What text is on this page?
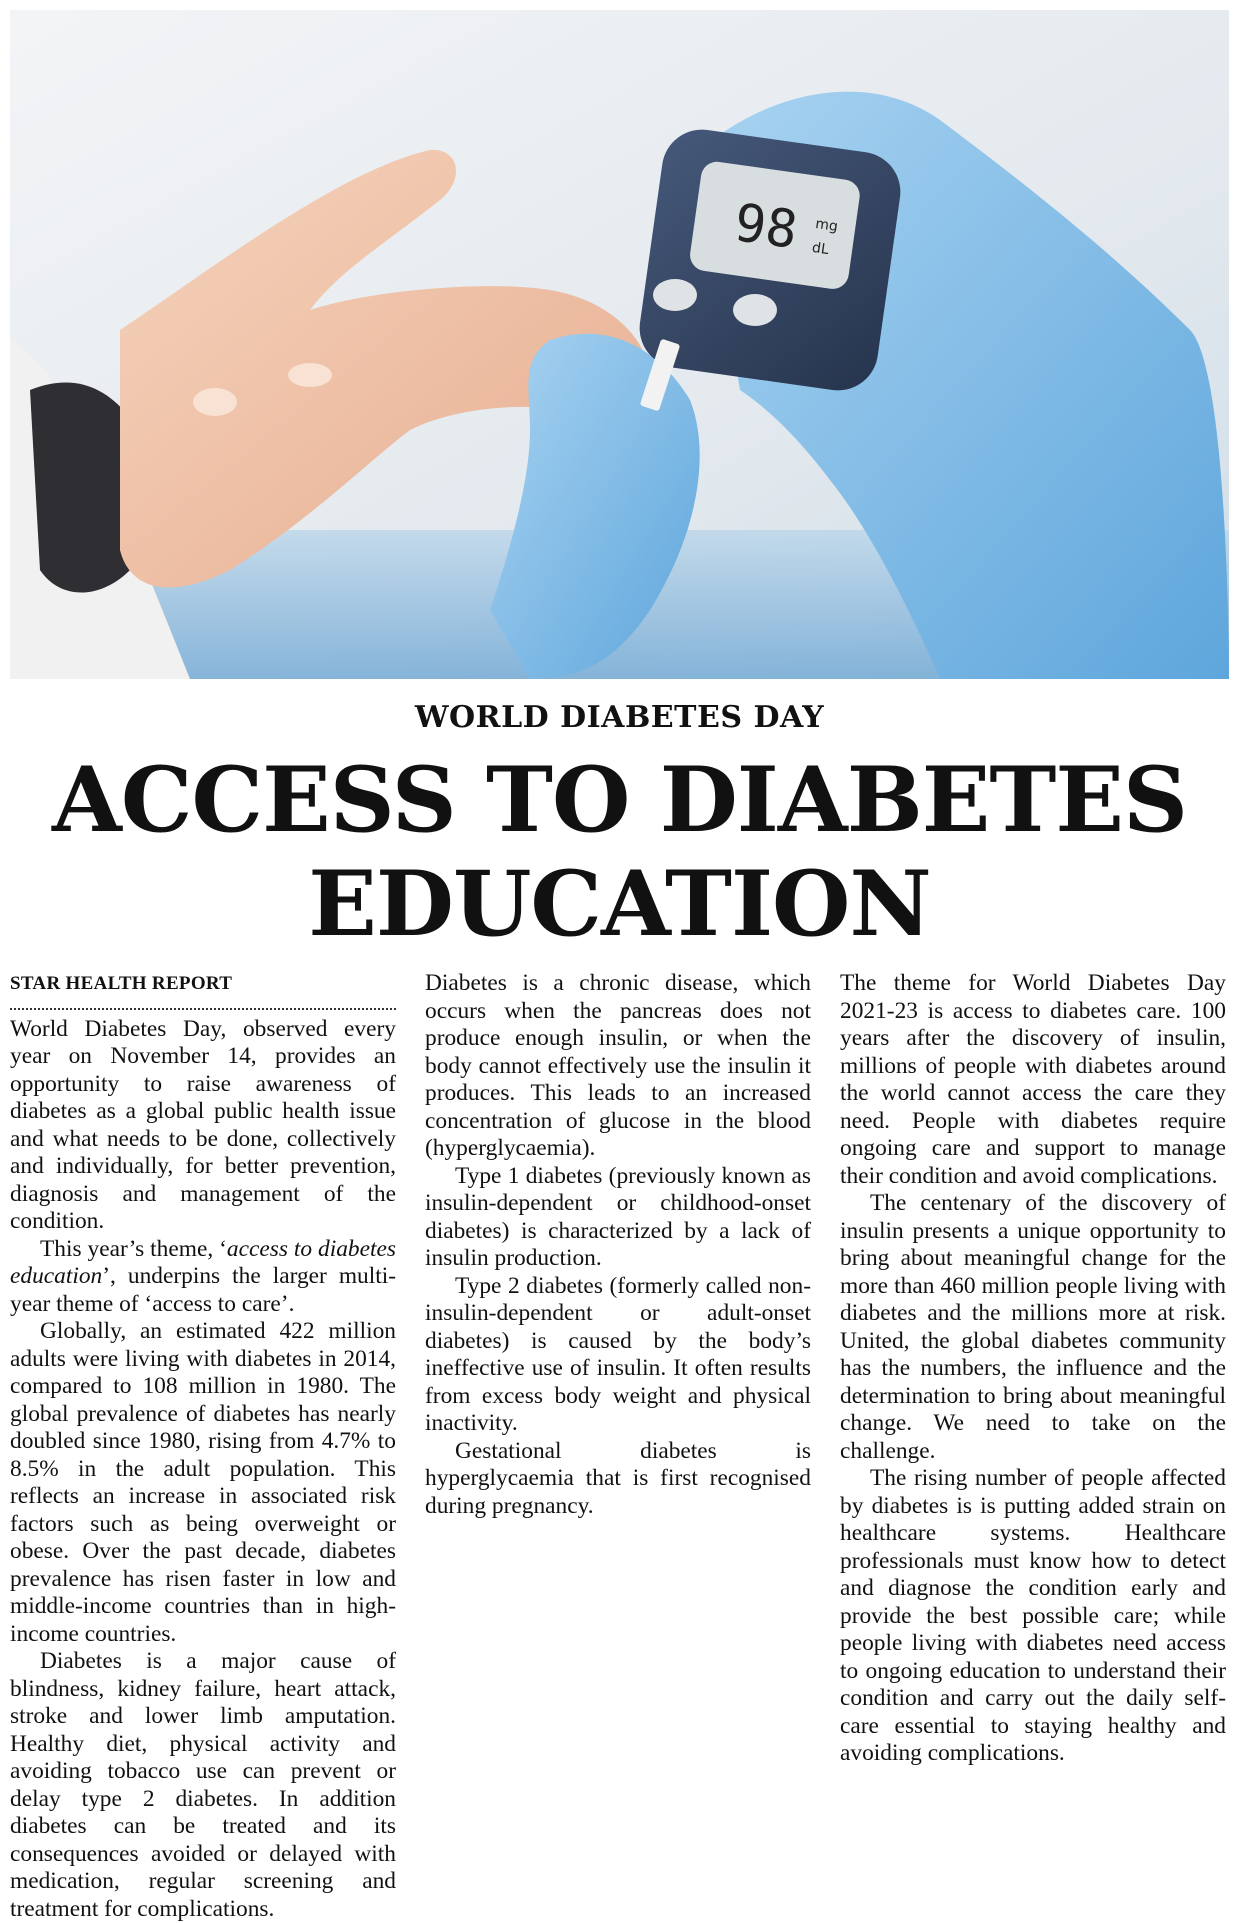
98 mg
dL
WORLD DIABETES DAY
ACCESS TO DIABETES
EDUCATION
STAR HEALTH REPORT

World Diabetes Day, observed every year on November 14, provides an opportunity to raise awareness of diabetes as a global public health issue and what needs to be done, collectively and individually, for better prevention, diagnosis and management of the condition.

This year’s theme, ‘access to diabetes education’, underpins the larger multi-year theme of ‘access to care’.

Globally, an estimated 422 million adults were living with diabetes in 2014, compared to 108 million in 1980. The global prevalence of diabetes has nearly doubled since 1980, rising from 4.7% to 8.5% in the adult population. This reflects an increase in associated risk factors such as being overweight or obese. Over the past decade, diabetes prevalence has risen faster in low and middle-income countries than in high-income countries.

Diabetes is a major cause of blindness, kidney failure, heart attack, stroke and lower limb amputation. Healthy diet, physical activity and avoiding tobacco use can prevent or delay type 2 diabetes. In addition diabetes can be treated and its consequences avoided or delayed with medication, regular screening and treatment for complications.

Diabetes is a chronic disease, which occurs when the pancreas does not produce enough insulin, or when the body cannot effectively use the insulin it produces. This leads to an increased concentration of glucose in the blood (hyperglycaemia).

Type 1 diabetes (previously known as insulin-dependent or childhood-onset diabetes) is characterized by a lack of insulin production.

Type 2 diabetes (formerly called non-insulin-dependent or adult-onset diabetes) is caused by the body’s ineffective use of insulin. It often results from excess body weight and physical inactivity.

Gestational diabetes is hyperglycaemia that is first recognised during pregnancy.

The theme for World Diabetes Day 2021-23 is access to diabetes care. 100 years after the discovery of insulin, millions of people with diabetes around the world cannot access the care they need. People with diabetes require ongoing care and support to manage their condition and avoid complications.

The centenary of the discovery of insulin presents a unique opportunity to bring about meaningful change for the more than 460 million people living with diabetes and the millions more at risk. United, the global diabetes community has the numbers, the influence and the determination to bring about meaningful change. We need to take on the challenge.

The rising number of people affected by diabetes is is putting added strain on healthcare systems. Healthcare professionals must know how to detect and diagnose the condition early and provide the best possible care; while people living with diabetes need access to ongoing education to understand their condition and carry out the daily self-care essential to staying healthy and avoiding complications.
